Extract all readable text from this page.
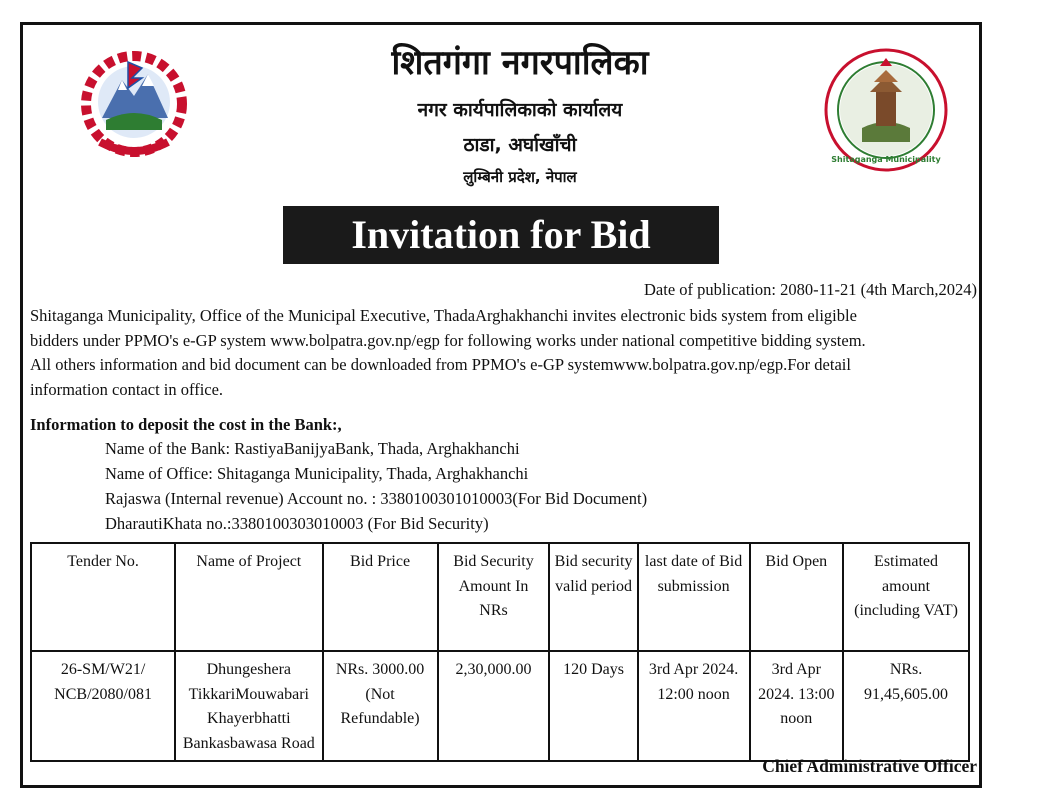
Shitaganga Municipality
शितगंगा नगरपालिका
नगर कार्यपालिकाको कार्यालय
ठाडा, अर्घाखाँची
लुम्बिनी प्रदेश, नेपाल
Invitation for Bid
Date of publication: 2080-11-21 (4th March,2024)
Shitaganga Municipality, Office of the Municipal Executive, ThadaArghakhanchi invites electronic bids system from eligible
bidders under PPMO's e-GP system www.bolpatra.gov.np/egp for following works under national competitive bidding system.
All others information and bid document can be downloaded from PPMO's e-GP systemwww.bolpatra.gov.np/egp.For detail
information contact in office.
Information to deposit the cost in the Bank:,
Name of the Bank: RastiyaBanijyaBank, Thada, Arghakhanchi
Name of Office: Shitaganga Municipality, Thada, Arghakhanchi
Rajaswa (Internal revenue) Account no. : 3380100301010003(For Bid Document)
DharautiKhata no.:3380100303010003 (For Bid Security)
Tender No.	Name of Project	Bid Price	Bid Security Amount In NRs	Bid security valid period	last date of Bid submission	Bid Open	Estimated amount (including VAT)
26-SM/W21/ NCB/2080/081	Dhungeshera TikkariMouwabari Khayerbhatti Bankasbawasa Road	NRs. 3000.00 (Not Refundable)	2,30,000.00	120 Days	3rd Apr 2024. 12:00 noon	3rd Apr 2024. 13:00 noon	NRs. 91,45,605.00
Chief Administrative Officer
